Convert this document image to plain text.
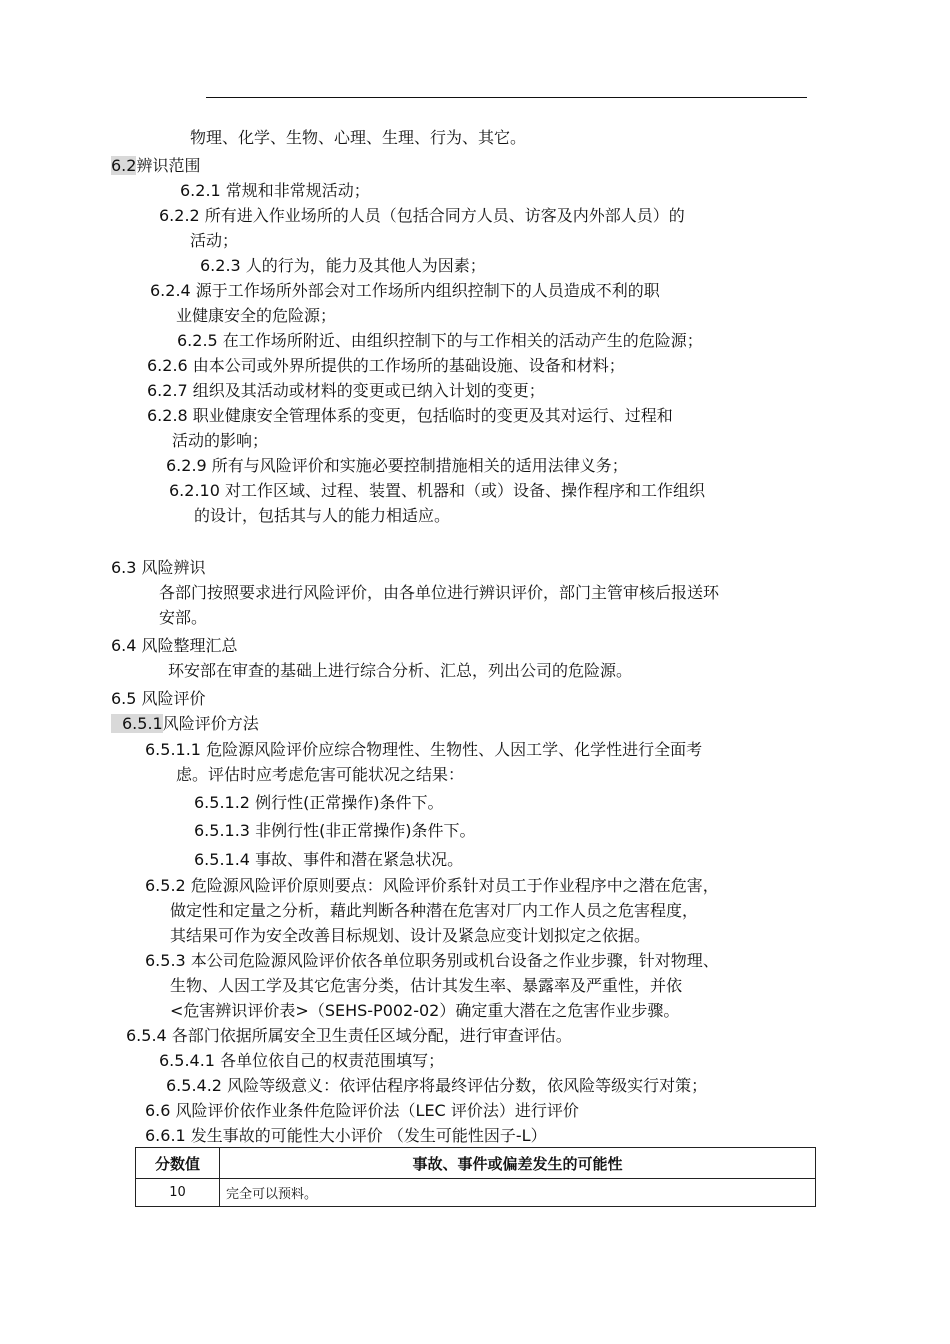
物理、化学、生物、心理、生理、行为、其它。
6.2辨识范围
6.2.1 常规和非常规活动；
6.2.2 所有进入作业场所的人员（包括合同方人员、访客及内外部人员）的
活动；
6.2.3 人的行为，能力及其他人为因素；
6.2.4 源于工作场所外部会对工作场所内组织控制下的人员造成不利的职
业健康安全的危险源；
6.2.5 在工作场所附近、由组织控制下的与工作相关的活动产生的危险源；
6.2.6 由本公司或外界所提供的工作场所的基础设施、设备和材料；
6.2.7 组织及其活动或材料的变更或已纳入计划的变更；
6.2.8 职业健康安全管理体系的变更，包括临时的变更及其对运行、过程和
活动的影响；
6.2.9 所有与风险评价和实施必要控制措施相关的适用法律义务；
6.2.10 对工作区域、过程、装置、机器和（或）设备、操作程序和工作组织
的设计，包括其与人的能力相适应。
6.3 风险辨识
各部门按照要求进行风险评价，由各单位进行辨识评价，部门主管审核后报送环
安部。
6.4 风险整理汇总
环安部在审查的基础上进行综合分析、汇总，列出公司的危险源。
6.5 风险评价
6.5.1风险评价方法
6.5.1.1 危险源风险评价应综合物理性、生物性、人因工学、化学性进行全面考
虑。评估时应考虑危害可能状况之结果：
6.5.1.2 例行性(正常操作)条件下。
6.5.1.3 非例行性(非正常操作)条件下。
6.5.1.4 事故、事件和潜在紧急状况。
6.5.2 危险源风险评价原则要点：风险评价系针对员工于作业程序中之潜在危害，
做定性和定量之分析，藉此判断各种潜在危害对厂内工作人员之危害程度，
其结果可作为安全改善目标规划、设计及紧急应变计划拟定之依据。
6.5.3 本公司危险源风险评价依各单位职务别或机台设备之作业步骤，针对物理、
生物、人因工学及其它危害分类，估计其发生率、暴露率及严重性，并依
<危害辨识评价表>（SEHS-P002-02）确定重大潜在之危害作业步骤。
6.5.4 各部门依据所属安全卫生责任区域分配，进行审查评估。
6.5.4.1 各单位依自己的权责范围填写；
6.5.4.2 风险等级意义：依评估程序将最终评估分数，依风险等级实行对策；
6.6 风险评价依作业条件危险评价法（LEC 评价法）进行评价
6.6.1 发生事故的可能性大小评价 （发生可能性因子-L）
分数值	事故、事件或偏差发生的可能性
10	完全可以预料。
